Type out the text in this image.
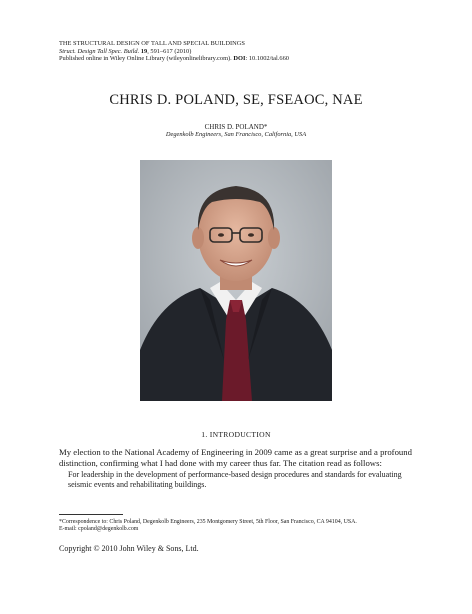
THE STRUCTURAL DESIGN OF TALL AND SPECIAL BUILDINGS
Struct. Design Tall Spec. Build. 19, 591–617 (2010)
Published online in Wiley Online Library (wileyonlinelibrary.com). DOI: 10.1002/tal.660
CHRIS D. POLAND, SE, FSEAOC, NAE
CHRIS D. POLAND*
Degenkolb Engineers, San Francisco, California, USA
1. INTRODUCTION
My election to the National Academy of Engineering in 2009 came as a great surprise and a profound distinction, confirming what I had done with my career thus far. The citation read as follows:
For leadership in the development of performance-based design procedures and standards for evaluating seismic events and rehabilitating buildings.
*Correspondence to: Chris Poland, Degenkolb Engineers, 235 Montgomery Street, 5th Floor, San Francisco, CA 94104, USA.
E-mail: cpoland@degenkolb.com
Copyright © 2010 John Wiley & Sons, Ltd.
